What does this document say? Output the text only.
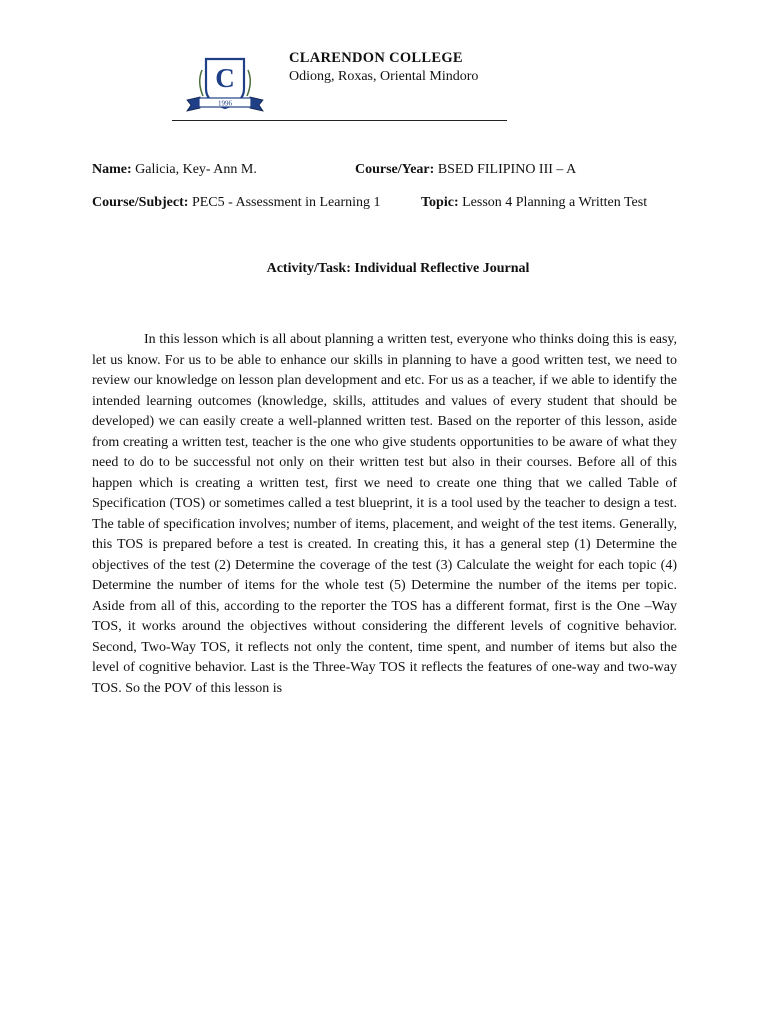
C
1996
CLARENDON COLLEGE
Odiong, Roxas, Oriental Mindoro
Name: Galicia, Key- Ann M.	Course/Year: BSED FILIPINO III – A
Course/Subject: PEC5 - Assessment in Learning 1	Topic: Lesson 4 Planning a Written Test
Activity/Task: Individual Reflective Journal

In this lesson which is all about planning a written test, everyone who thinks doing this is easy, let us know. For us to be able to enhance our skills in planning to have a good written test, we need to review our knowledge on lesson plan development and etc. For us as a teacher, if we able to identify the intended learning outcomes (knowledge, skills, attitudes and values of every student that should be developed) we can easily create a well-planned written test. Based on the reporter of this lesson, aside from creating a written test, teacher is the one who give students opportunities to be aware of what they need to do to be successful not only on their written test but also in their courses. Before all of this happen which is creating a written test, first we need to create one thing that we called Table of Specification (TOS) or sometimes called a test blueprint, it is a tool used by the teacher to design a test. The table of specification involves; number of items, placement, and weight of the test items. Generally, this TOS is prepared before a test is created. In creating this, it has a general step (1) Determine the objectives of the test (2) Determine the coverage of the test (3) Calculate the weight for each topic (4) Determine the number of items for the whole test (5) Determine the number of the items per topic. Aside from all of this, according to the reporter the TOS has a different format, first is the One –Way TOS, it works around the objectives without considering the different levels of cognitive behavior. Second, Two-Way TOS, it reflects not only the content, time spent, and number of items but also the level of cognitive behavior. Last is the Three-Way TOS it reflects the features of one-way and two-way TOS. So the POV of this lesson is
